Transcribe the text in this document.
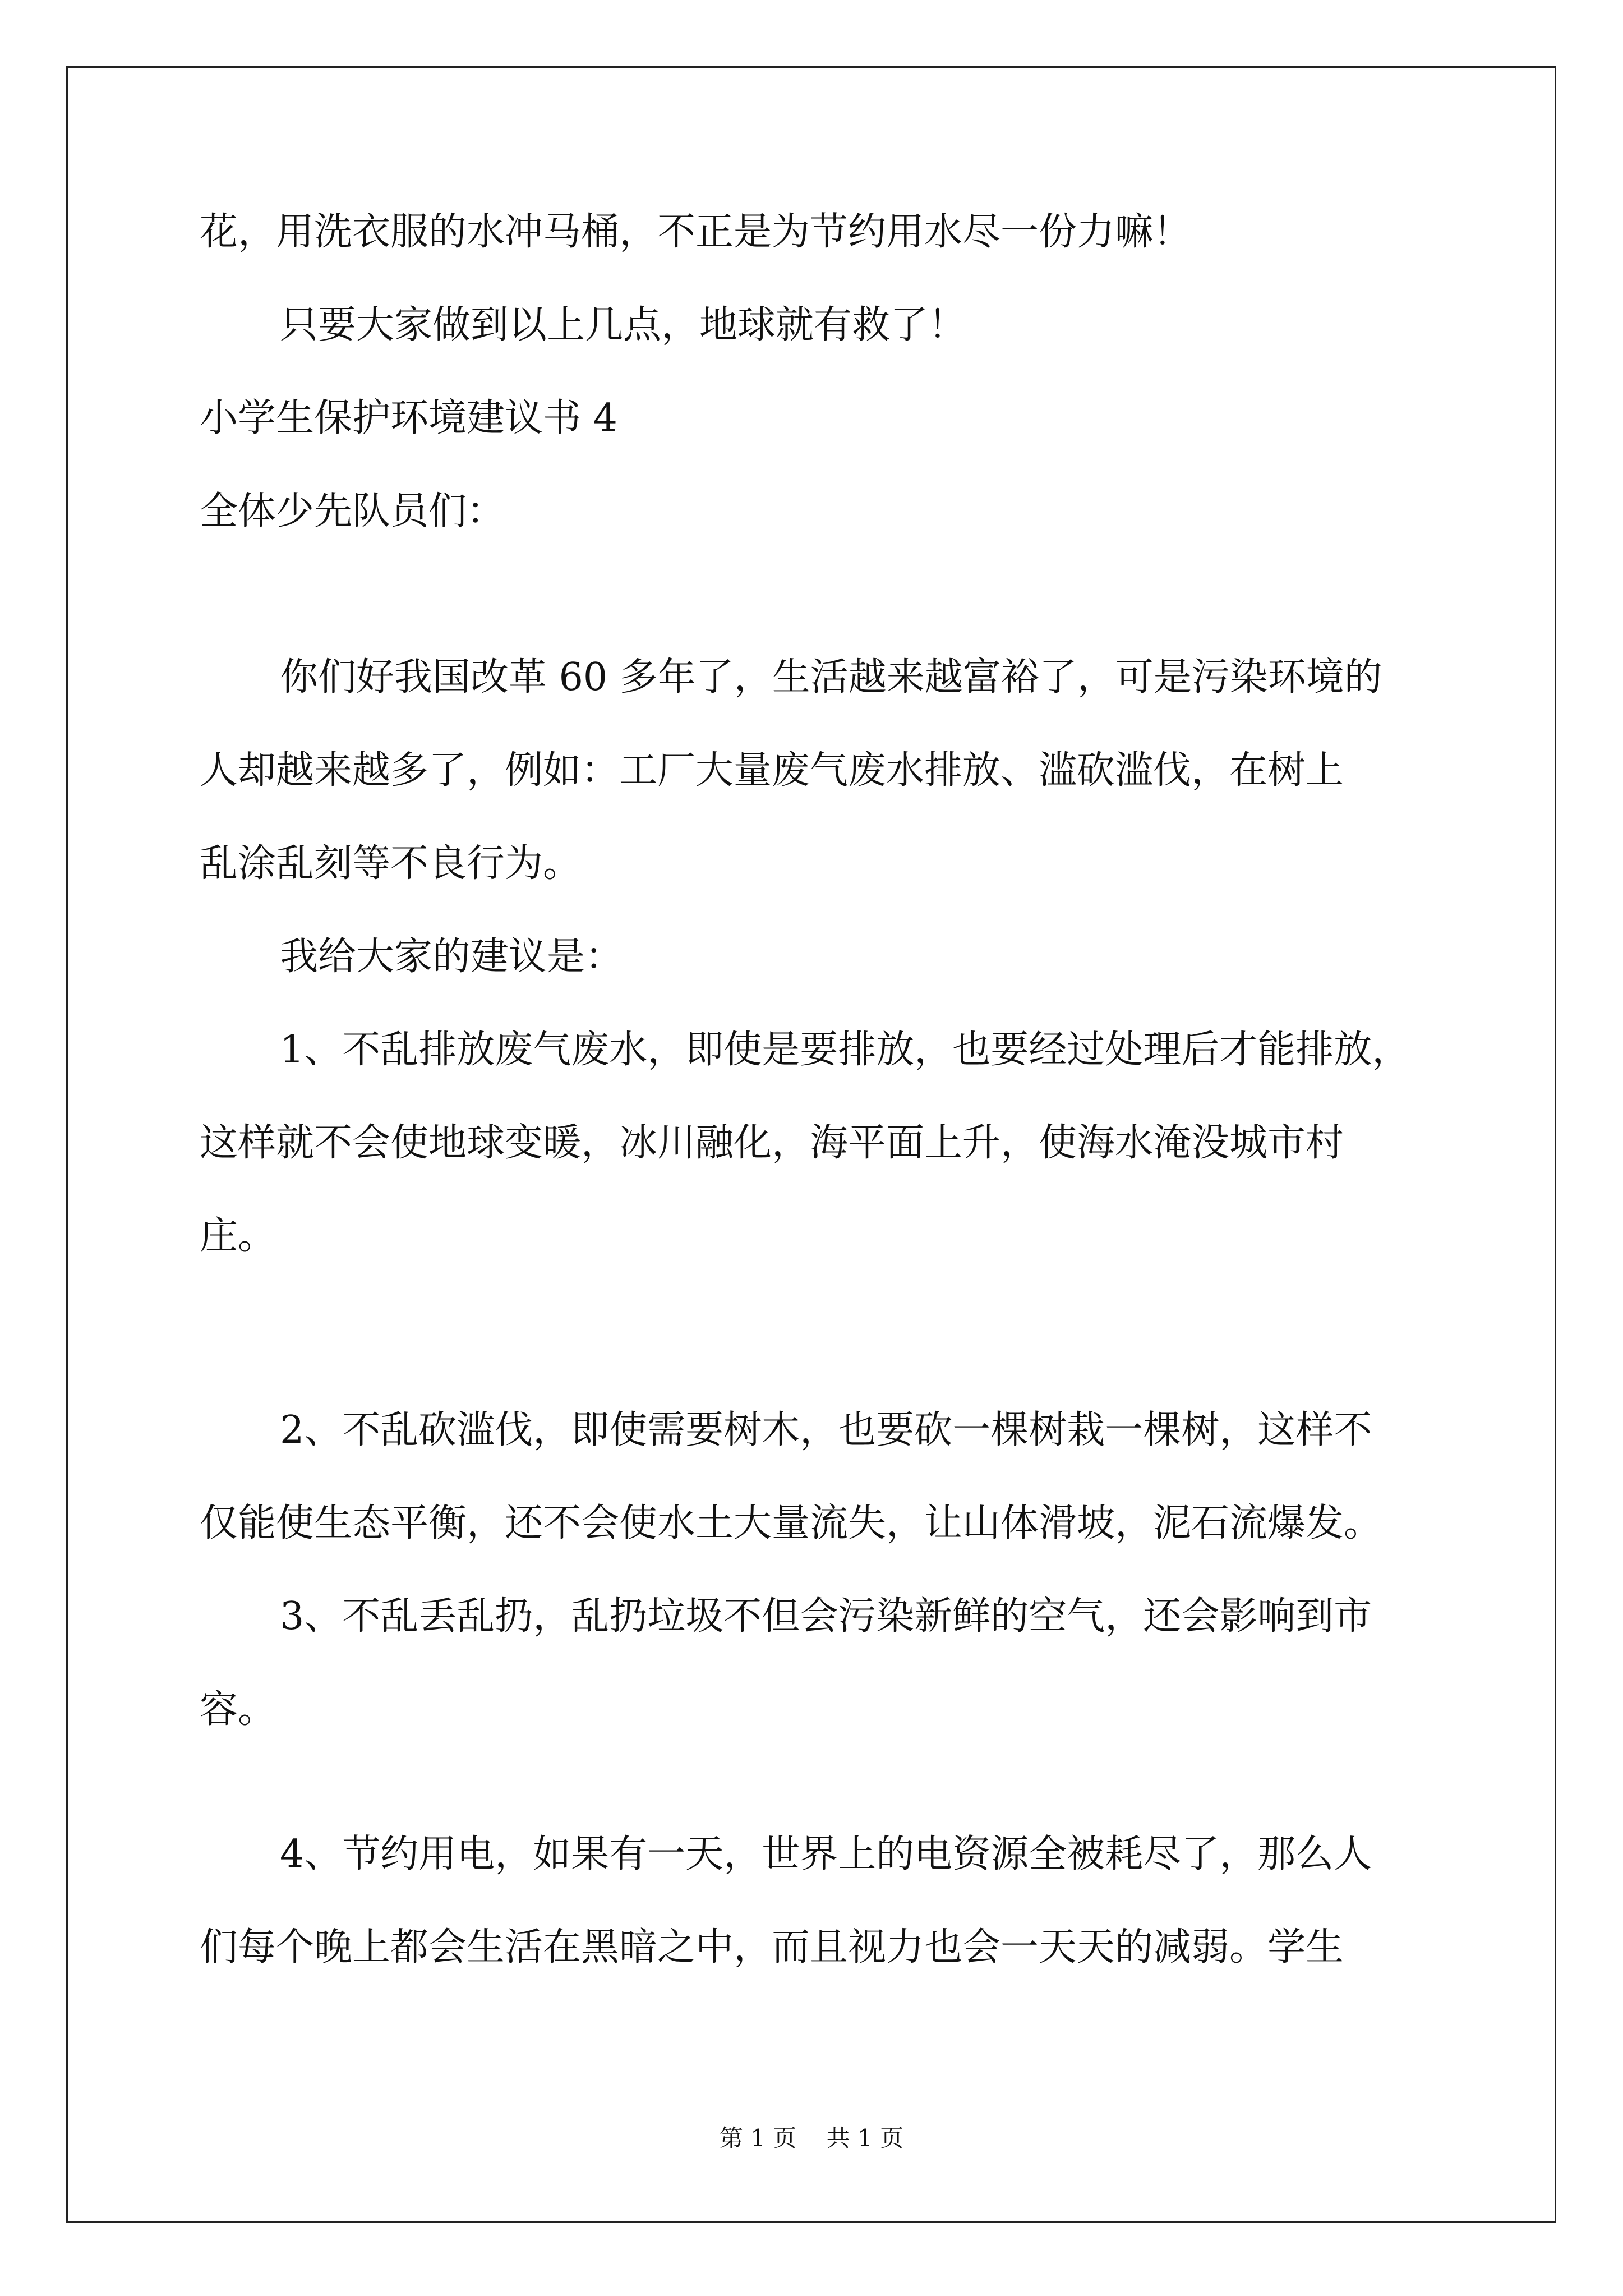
花，用洗衣服的水冲马桶，不正是为节约用水尽一份力嘛！
只要大家做到以上几点，地球就有救了！
小学生保护环境建议书 4
全体少先队员们：
你们好我国改革 60 多年了，生活越来越富裕了，可是污染环境的
人却越来越多了，例如：工厂大量废气废水排放、滥砍滥伐，在树上
乱涂乱刻等不良行为。
我给大家的建议是：
1、不乱排放废气废水，即使是要排放，也要经过处理后才能排放，
这样就不会使地球变暖，冰川融化，海平面上升，使海水淹没城市村
庄。
2、不乱砍滥伐，即使需要树木，也要砍一棵树栽一棵树，这样不
仅能使生态平衡，还不会使水土大量流失，让山体滑坡，泥石流爆发。
3、不乱丢乱扔，乱扔垃圾不但会污染新鲜的空气，还会影响到市
容。
4、节约用电，如果有一天，世界上的电资源全被耗尽了，那么人
们每个晚上都会生活在黑暗之中，而且视力也会一天天的减弱。学生
第 1 页    共 1 页
